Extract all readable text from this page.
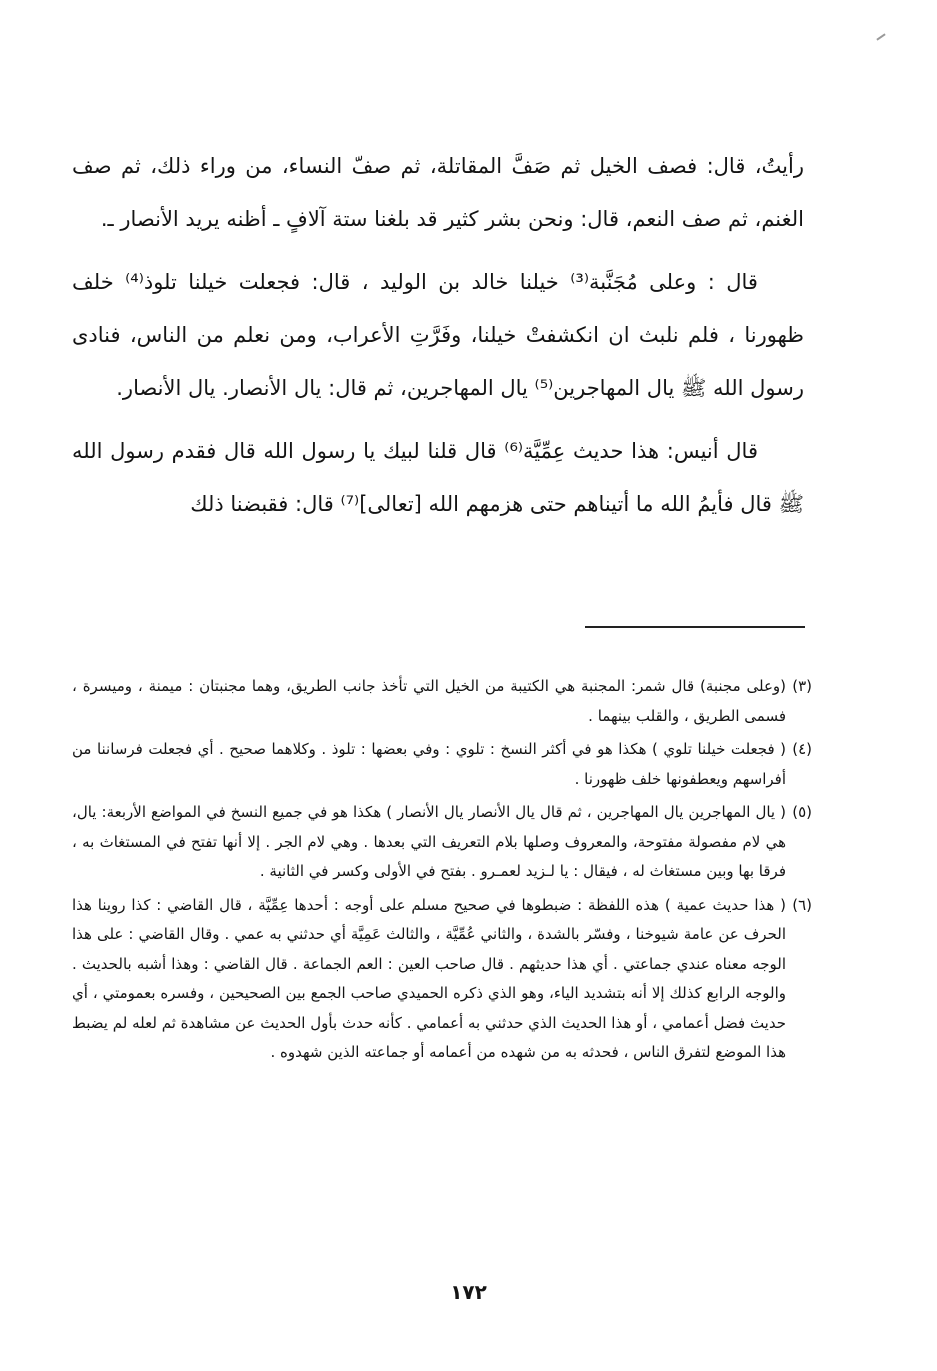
رأيتُ، قال: فصف الخيل ثم صَفَّ المقاتلة، ثم صفّ النساء، من وراء ذلك، ثم صف الغنم، ثم صف النعم، قال: ونحن بشر كثير قد بلغنا ستة آلافٍ ـ أظنه يريد الأنصار ـ.

قال : وعلى مُجَنَّبة⁽³⁾ خيلنا خالد بن الوليد ، قال: فجعلت خيلنا تلوذ⁽⁴⁾ خلف ظهورنا ، فلم نلبث ان انكشفتْ خيلنا، وفَرَّتِ الأعراب، ومن نعلم من الناس، فنادى رسول الله ﷺ يال المهاجرين⁽⁵⁾ يال المهاجرين، ثم قال: يال الأنصار. يال الأنصار.

قال أنيس: هذا حديث عِمِّيَّة⁽⁶⁾ قال قلنا لبيك يا رسول الله قال فقدم رسول الله ﷺ قال فأيمُ الله ما أتيناهم حتى هزمهم الله [تعالى]⁽⁷⁾ قال: فقبضنا ذلك

(٣)
(وعلى مجنبة) قال شمر: المجنبة هي الكتيبة من الخيل التي تأخذ جانب الطريق، وهما مجنبتان : ميمنة ، وميسرة ، فسمى الطريق ، والقلب بينهما .
(٤)
( فجعلت خيلنا تلوي ) هكذا هو في أكثر النسخ : تلوي : وفي بعضها : تلوذ . وكلاهما صحيح . أي فجعلت فرساننا من أفراسهم ويعطفونها خلف ظهورنا .
(٥)
( يال المهاجرين يال المهاجرين ، ثم قال يال الأنصار يال الأنصار ) هكذا هو في جميع النسخ في المواضع الأربعة: يال، هي لام مفصولة مفتوحة، والمعروف وصلها بلام التعريف التي بعدها . وهي لام الجر . إلا أنها تفتح في المستغاث به ، فرقا بها وبين مستغاث له ، فيقال : يا لـزيد لعمـرو . بفتح في الأولى وكسر في الثانية .
(٦)
( هذا حديث عمية ) هذه اللفظة : ضبطوها في صحيح مسلم على أوجه : أحدها عِمِّيَّة ، قال القاضي : كذا روينا هذا الحرف عن عامة شيوخنا ، وفسّر بالشدة ، والثاني عُمِّيَّة ، والثالث عَمِيَّة أي حدثني به عمي . وقال القاضي : على هذا الوجه معناه عندي جماعتي . أي هذا حديثهم . قال صاحب العين : العم الجماعة . قال القاضي : وهذا أشبه بالحديث . والوجه الرابع كذلك إلا أنه بتشديد الياء، وهو الذي ذكره الحميدي صاحب الجمع بين الصحيحين ، وفسره بعمومتي ، أي حديث فضل أعمامي ، أو هذا الحديث الذي حدثني به أعمامي . كأنه حدث بأول الحديث عن مشاهدة ثم لعله لم يضبط هذا الموضع لتفرق الناس ، فحدثه به من شهده من أعمامه أو جماعته الذين شهدوه .
١٧٢
